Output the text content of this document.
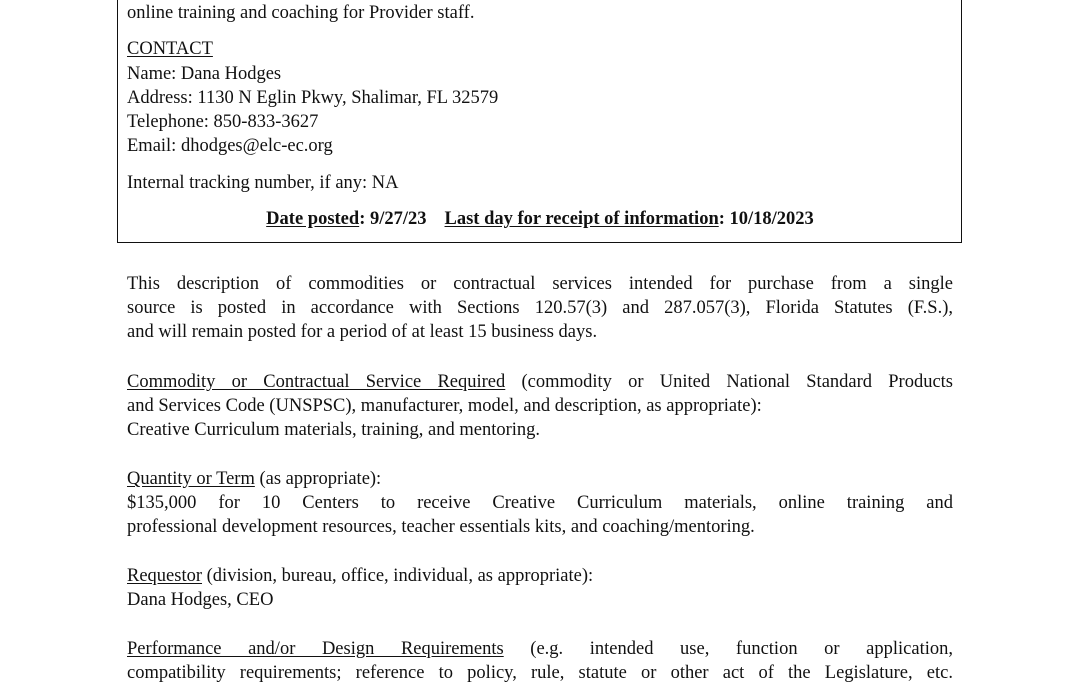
online training and coaching for Provider staff.
CONTACT
Name: Dana Hodges
Address: 1130 N Eglin Pkwy, Shalimar, FL 32579
Telephone: 850-833-3627
Email: dhodges@elc-ec.org
Internal tracking number, if any: NA
Date posted: 9/27/23 Last day for receipt of information: 10/18/2023
This description of commodities or contractual services intended for purchase from a single
source is posted in accordance with Sections 120.57(3) and 287.057(3), Florida Statutes (F.S.),
and will remain posted for a period of at least 15 business days.
Commodity or Contractual Service Required (commodity or United National Standard Products
and Services Code (UNSPSC), manufacturer, model, and description, as appropriate):
Creative Curriculum materials, training, and mentoring.
Quantity or Term (as appropriate):
$135,000 for 10 Centers to receive Creative Curriculum materials, online training and
professional development resources, teacher essentials kits, and coaching/mentoring.
Requestor (division, bureau, office, individual, as appropriate):
Dana Hodges, CEO
Performance and/or Design Requirements (e.g. intended use, function or application,
compatibility requirements; reference to policy, rule, statute or other act of the Legislature, etc.
